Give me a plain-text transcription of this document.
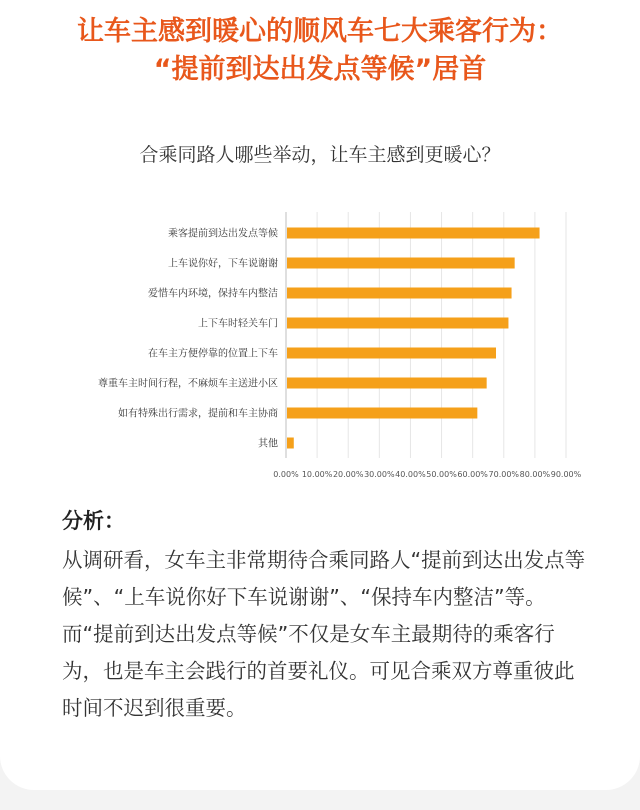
让车主感到暖心的顺风车七大乘客行为：
“提前到达出发点等候”居首
合乘同路人哪些举动，让车主感到更暖心？
0.00% 10.00% 20.00% 30.00% 40.00% 50.00% 60.00% 70.00% 80.00% 90.00%
乘客提前到达出发点等候
上车说你好，下车说谢谢
爱惜车内环境，保持车内整洁
上下车时轻关车门
在车主方便停靠的位置上下车
尊重车主时间行程，不麻烦车主送进小区
如有特殊出行需求，提前和车主协商
其他
分析：

从调研看，女车主非常期待合乘同路人“提前到达出发点等候”、“上车说你好下车说谢谢”、“保持车内整洁”等。而“提前到达出发点等候”不仅是女车主最期待的乘客行为，也是车主会践行的首要礼仪。可见合乘双方尊重彼此时间不迟到很重要。
